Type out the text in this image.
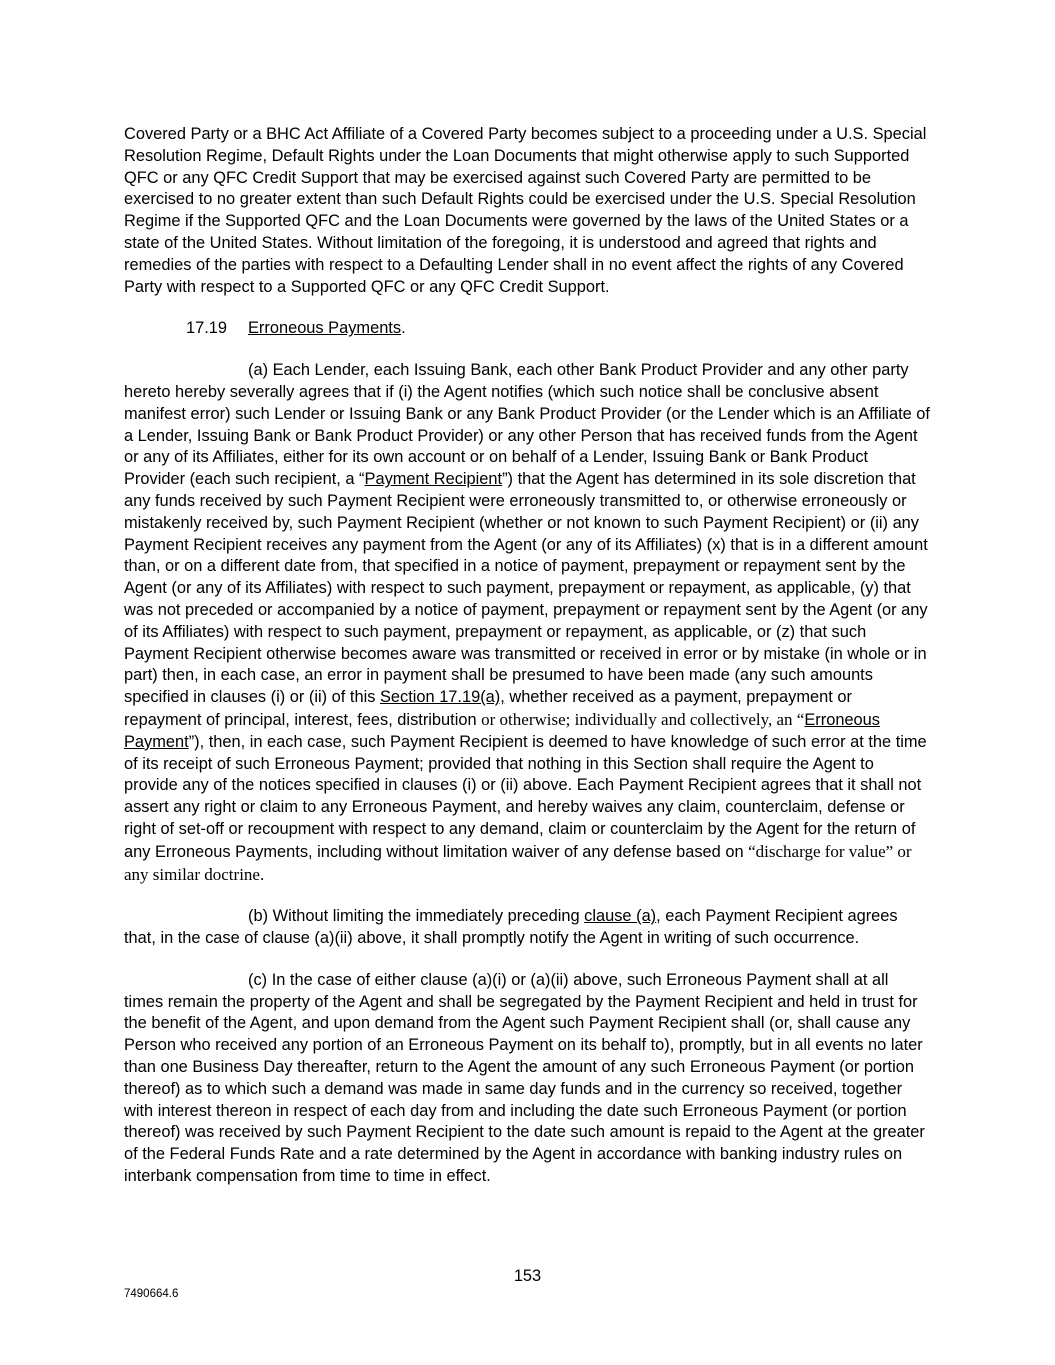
Covered Party or a BHC Act Affiliate of a Covered Party becomes subject to a proceeding under a U.S. Special Resolution Regime, Default Rights under the Loan Documents that might otherwise apply to such Supported QFC or any QFC Credit Support that may be exercised against such Covered Party are permitted to be exercised to no greater extent than such Default Rights could be exercised under the U.S. Special Resolution Regime if the Supported QFC and the Loan Documents were governed by the laws of the United States or a state of the United States. Without limitation of the foregoing, it is understood and agreed that rights and remedies of the parties with respect to a Defaulting Lender shall in no event affect the rights of any Covered Party with respect to a Supported QFC or any QFC Credit Support.

17.19 Erroneous Payments.

(a) Each Lender, each Issuing Bank, each other Bank Product Provider and any other party hereto hereby severally agrees that if (i) the Agent notifies (which such notice shall be conclusive absent manifest error) such Lender or Issuing Bank or any Bank Product Provider (or the Lender which is an Affiliate of a Lender, Issuing Bank or Bank Product Provider) or any other Person that has received funds from the Agent or any of its Affiliates, either for its own account or on behalf of a Lender, Issuing Bank or Bank Product Provider (each such recipient, a “Payment Recipient”) that the Agent has determined in its sole discretion that any funds received by such Payment Recipient were erroneously transmitted to, or otherwise erroneously or mistakenly received by, such Payment Recipient (whether or not known to such Payment Recipient) or (ii) any Payment Recipient receives any payment from the Agent (or any of its Affiliates) (x) that is in a different amount than, or on a different date from, that specified in a notice of payment, prepayment or repayment sent by the Agent (or any of its Affiliates) with respect to such payment, prepayment or repayment, as applicable, (y) that was not preceded or accompanied by a notice of payment, prepayment or repayment sent by the Agent (or any of its Affiliates) with respect to such payment, prepayment or repayment, as applicable, or (z) that such Payment Recipient otherwise becomes aware was transmitted or received in error or by mistake (in whole or in part) then, in each case, an error in payment shall be presumed to have been made (any such amounts specified in clauses (i) or (ii) of this Section 17.19(a), whether received as a payment, prepayment or repayment of principal, interest, fees, distribution or otherwise; individually and collectively, an “Erroneous Payment”), then, in each case, such Payment Recipient is deemed to have knowledge of such error at the time of its receipt of such Erroneous Payment; provided that nothing in this Section shall require the Agent to provide any of the notices specified in clauses (i) or (ii) above. Each Payment Recipient agrees that it shall not assert any right or claim to any Erroneous Payment, and hereby waives any claim, counterclaim, defense or right of set-off or recoupment with respect to any demand, claim or counterclaim by the Agent for the return of any Erroneous Payments, including without limitation waiver of any defense based on “discharge for value” or any similar doctrine.

(b) Without limiting the immediately preceding clause (a), each Payment Recipient agrees that, in the case of clause (a)(ii) above, it shall promptly notify the Agent in writing of such occurrence.

(c) In the case of either clause (a)(i) or (a)(ii) above, such Erroneous Payment shall at all times remain the property of the Agent and shall be segregated by the Payment Recipient and held in trust for the benefit of the Agent, and upon demand from the Agent such Payment Recipient shall (or, shall cause any Person who received any portion of an Erroneous Payment on its behalf to), promptly, but in all events no later than one Business Day thereafter, return to the Agent the amount of any such Erroneous Payment (or portion thereof) as to which such a demand was made in same day funds and in the currency so received, together with interest thereon in respect of each day from and including the date such Erroneous Payment (or portion thereof) was received by such Payment Recipient to the date such amount is repaid to the Agent at the greater of the Federal Funds Rate and a rate determined by the Agent in accordance with banking industry rules on interbank compensation from time to time in effect.

153
7490664.6
